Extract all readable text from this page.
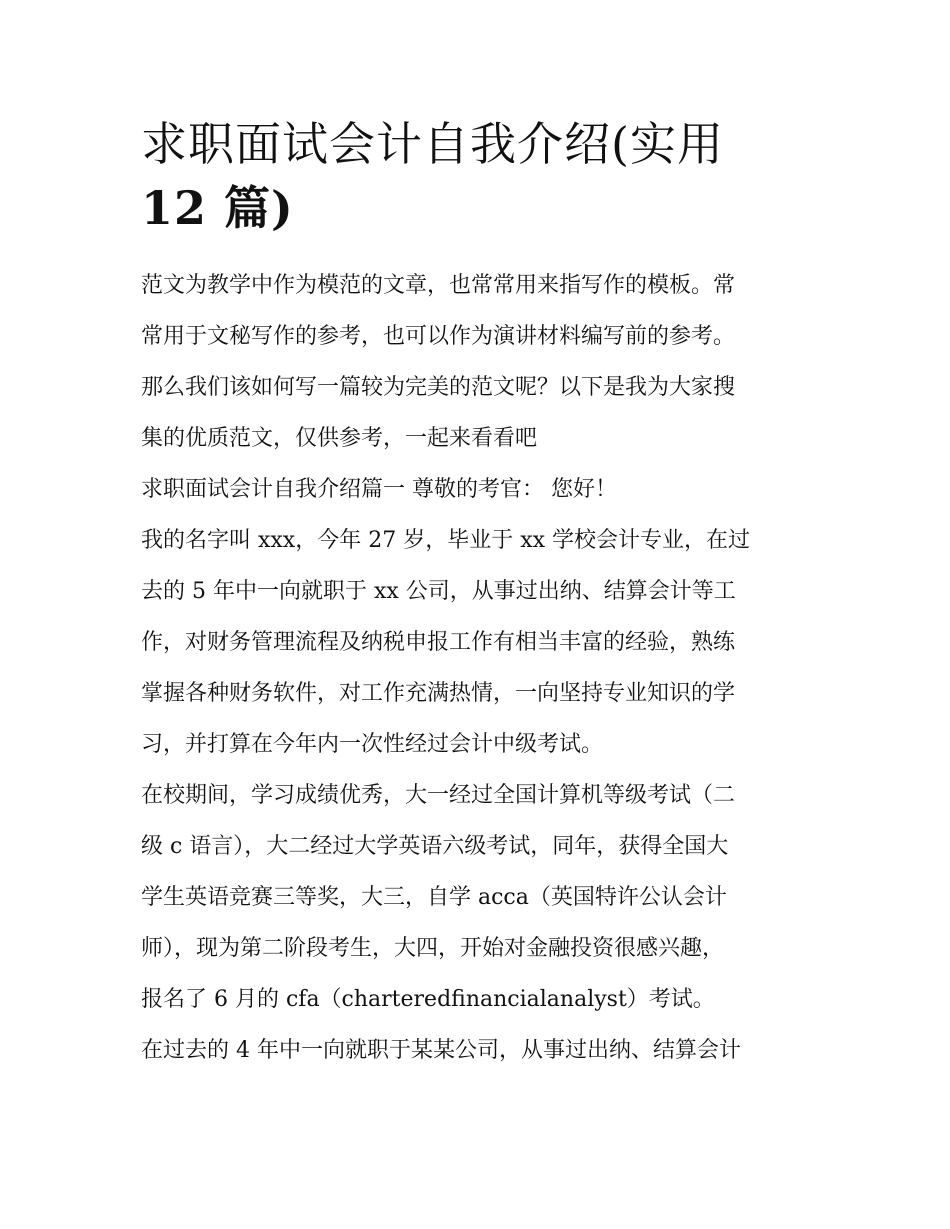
求职面试会计自我介绍(实用
12 篇)

范文为教学中作为模范的文章，也常常用来指写作的模板。常
常用于文秘写作的参考，也可以作为演讲材料编写前的参考。
那么我们该如何写一篇较为完美的范文呢？以下是我为大家搜
集的优质范文，仅供参考，一起来看看吧

求职面试会计自我介绍篇一 尊敬的考官： 您好！

我的名字叫 xxx，今年 27 岁，毕业于 xx 学校会计专业，在过
去的 5 年中一向就职于 xx 公司，从事过出纳、结算会计等工
作，对财务管理流程及纳税申报工作有相当丰富的经验，熟练
掌握各种财务软件，对工作充满热情，一向坚持专业知识的学
习，并打算在今年内一次性经过会计中级考试。

在校期间，学习成绩优秀，大一经过全国计算机等级考试（二
级 c 语言），大二经过大学英语六级考试，同年，获得全国大
学生英语竞赛三等奖，大三，自学 acca（英国特许公认会计
师），现为第二阶段考生，大四，开始对金融投资很感兴趣，
报名了 6 月的 cfa（charteredfinancialanalyst）考试。

在过去的 4 年中一向就职于某某公司，从事过出纳、结算会计
